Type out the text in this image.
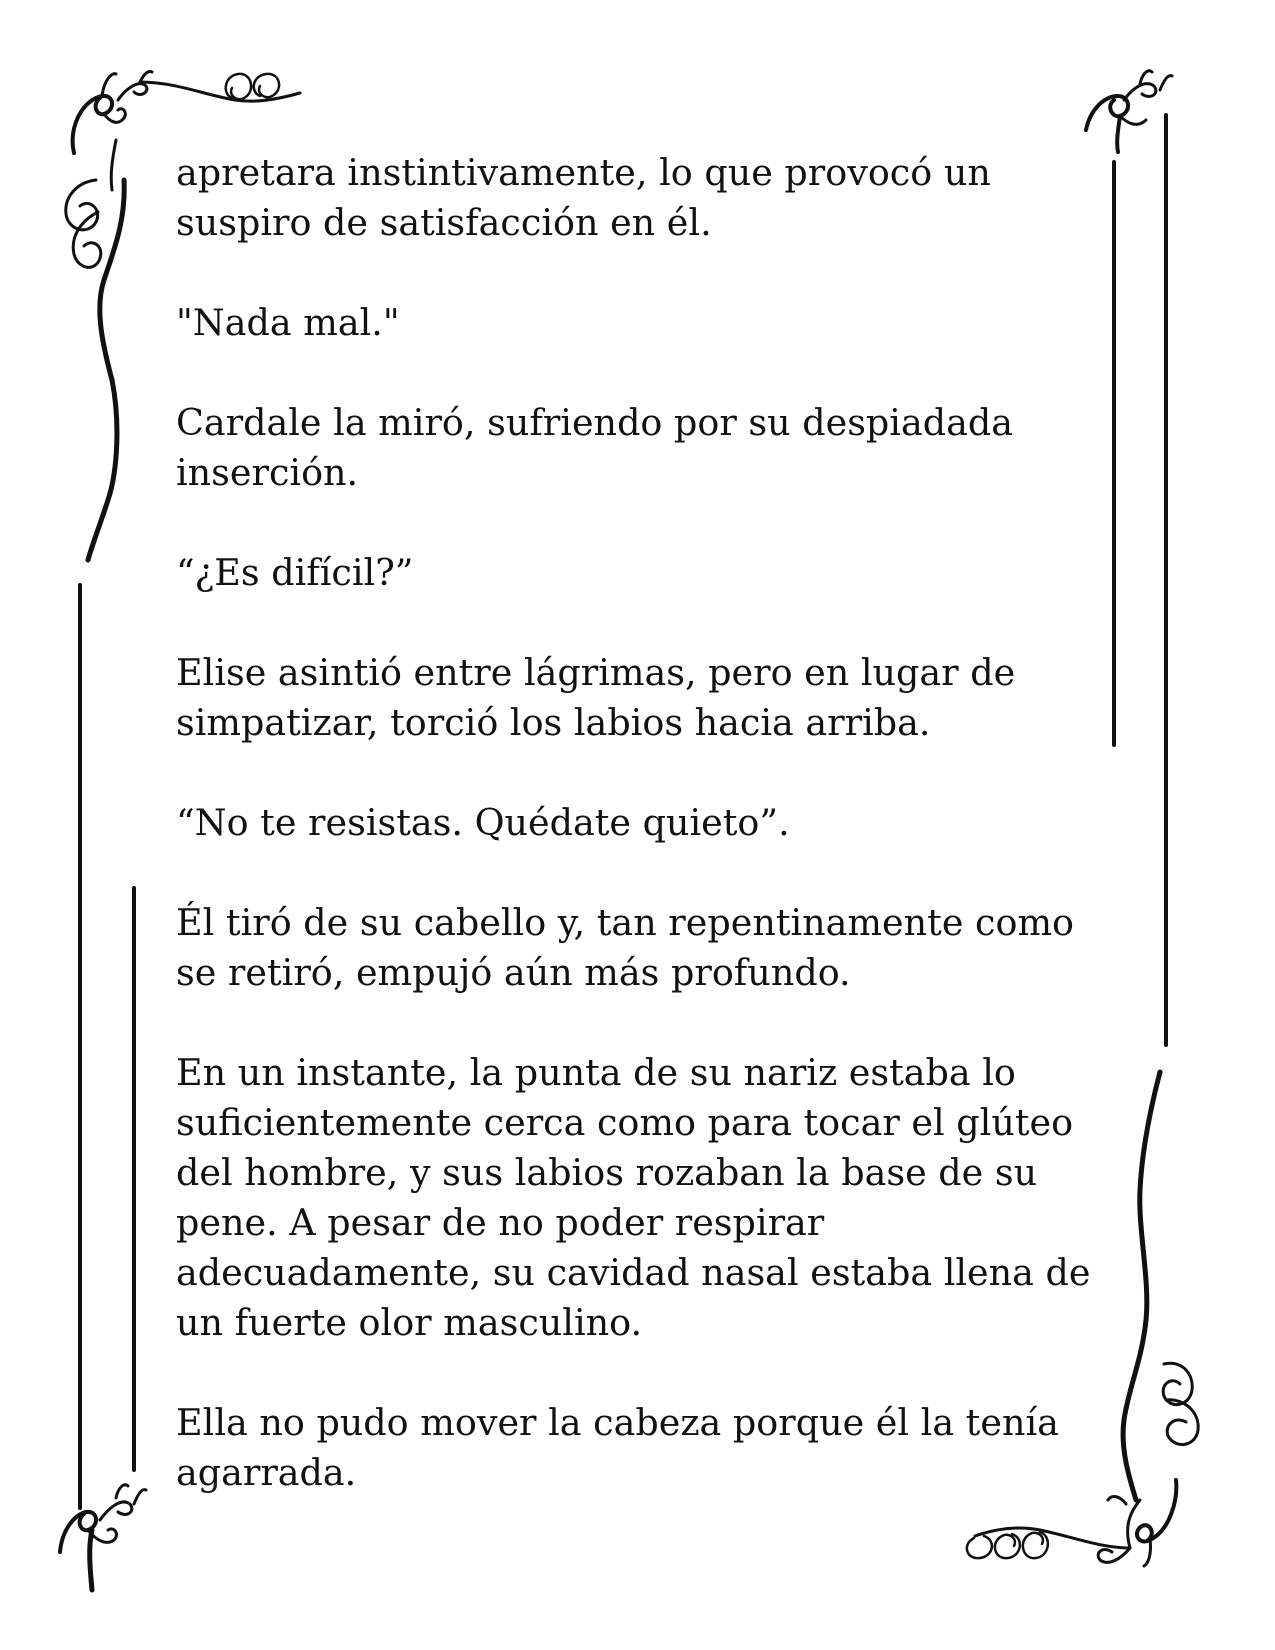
apretara instintivamente, lo que provocó un suspiro de satisfacción en él.

"Nada mal."

Cardale la miró, sufriendo por su despiadada inserción.

“¿Es difícil?”

Elise asintió entre lágrimas, pero en lugar de simpatizar, torció los labios hacia arriba.

“No te resistas. Quédate quieto”.

Él tiró de su cabello y, tan repentinamente como se retiró, empujó aún más profundo.

En un instante, la punta de su nariz estaba lo suficientemente cerca como para tocar el glúteo del hombre, y sus labios rozaban la base de su pene. A pesar de no poder respirar adecuadamente, su cavidad nasal estaba llena de un fuerte olor masculino.

Ella no pudo mover la cabeza porque él la tenía agarrada.
